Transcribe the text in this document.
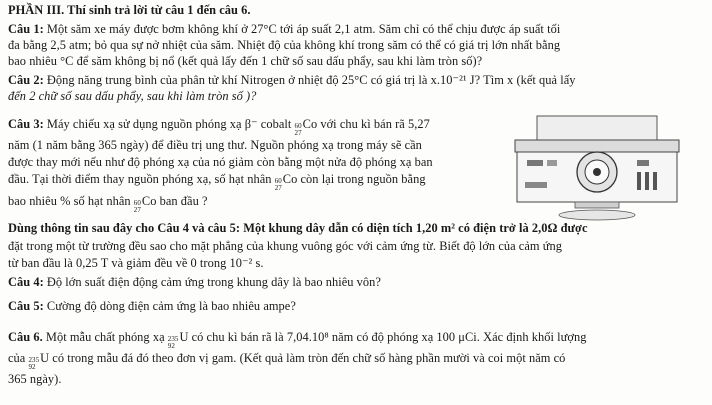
PHẦN III. Thí sinh trả lời từ câu 1 đến câu 6.
Câu 1: Một săm xe máy được bơm không khí ở 27°C tới áp suất 2,1 atm. Săm chỉ có thể chịu được áp suất tối
đa bằng 2,5 atm; bỏ qua sự nở nhiệt của săm. Nhiệt độ của không khí trong săm có thể có giá trị lớn nhất bằng
bao nhiêu °C để săm không bị nổ (kết quả lấy đến 1 chữ số sau dấu phẩy, sau khi làm tròn số)?
Câu 2: Động năng trung bình của phân tử khí Nitrogen ở nhiệt độ 25°C có giá trị là x.10⁻²¹ J? Tìm x (kết quả lấy
đến 2 chữ số sau dấu phẩy, sau khi làm tròn số )?
Câu 3: Máy chiếu xạ sử dụng nguồn phóng xạ β⁻ cobalt 60
27
Co với chu kì bán rã 5,27
năm (1 năm bằng 365 ngày) để điều trị ung thư. Nguồn phóng xạ trong máy sẽ cần
được thay mới nếu như độ phóng xạ của nó giảm còn bằng một nửa độ phóng xạ ban
đầu. Tại thời điểm thay nguồn phóng xạ, số hạt nhân 60
27
Co còn lại trong nguồn bằng
bao nhiêu % số hạt nhân 60
27
Co ban đầu ?
Dùng thông tin sau đây cho Câu 4 và câu 5: Một khung dây dẫn có diện tích 1,20 m² có điện trở là 2,0Ω được
đặt trong một từ trường đều sao cho mặt phẳng của khung vuông góc với cảm ứng từ. Biết độ lớn của cảm ứng
từ ban đầu là 0,25 T và giảm đều về 0 trong 10⁻² s.
Câu 4: Độ lớn suất điện động cảm ứng trong khung dây là bao nhiêu vôn?
Câu 5: Cường độ dòng điện cảm ứng là bao nhiêu ampe?
Câu 6. Một mẫu chất phóng xạ 235
92
U có chu kì bán rã là 7,04.10⁸ năm có độ phóng xạ 100 μCi. Xác định khối lượng
của 235
92
U có trong mẫu đá đó theo đơn vị gam. (Kết quả làm tròn đến chữ số hàng phần mười và coi một năm có
365 ngày).
